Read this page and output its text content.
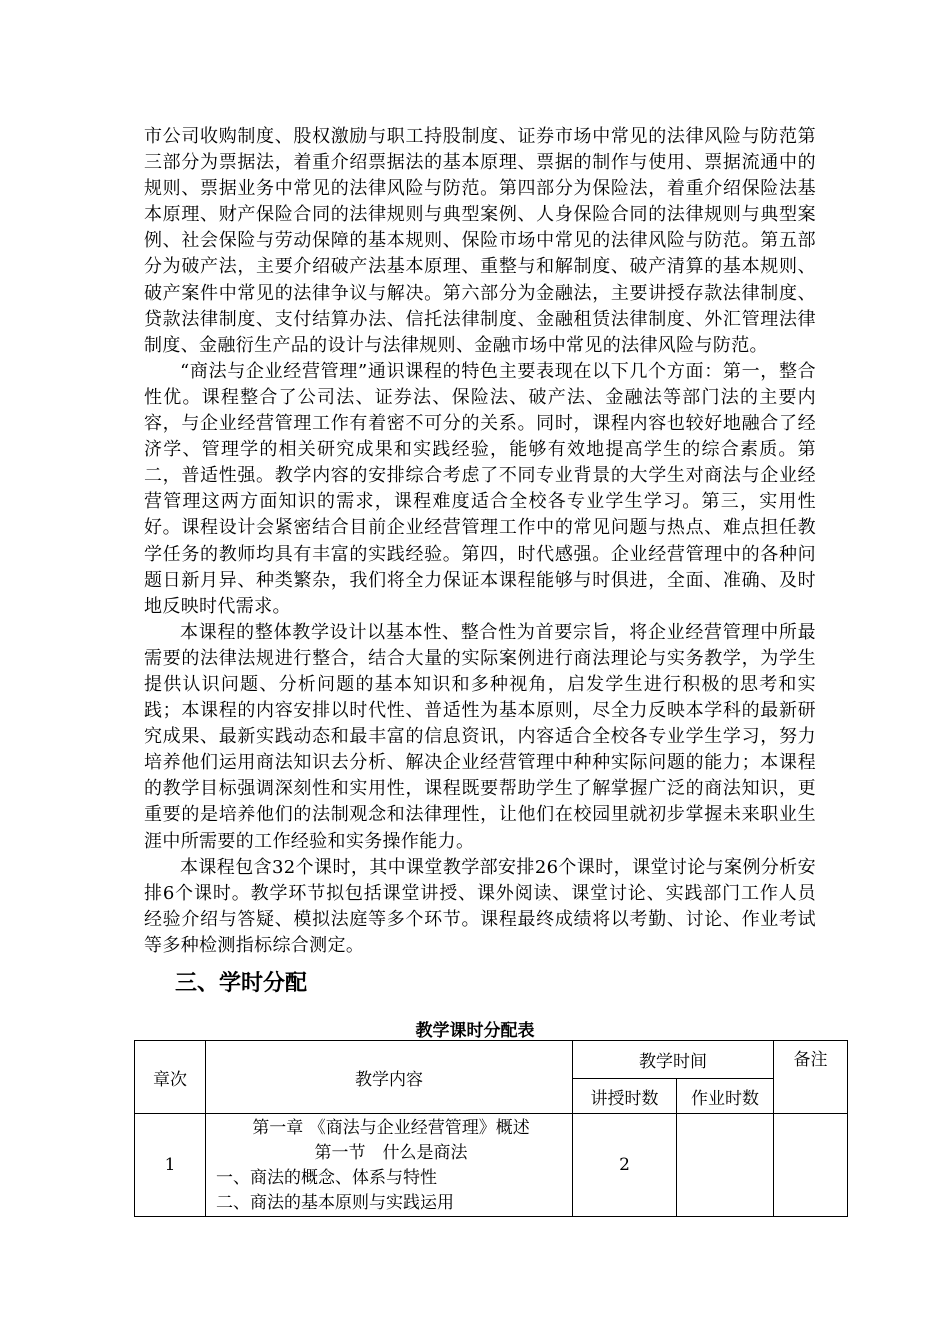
市公司收购制度、股权激励与职工持股制度、证券市场中常见的法律风险与防范第三部分为票据法，着重介绍票据法的基本原理、票据的制作与使用、票据流通中的规则、票据业务中常见的法律风险与防范。第四部分为保险法，着重介绍保险法基本原理、财产保险合同的法律规则与典型案例、人身保险合同的法律规则与典型案例、社会保险与劳动保障的基本规则、保险市场中常见的法律风险与防范。第五部分为破产法，主要介绍破产法基本原理、重整与和解制度、破产清算的基本规则、破产案件中常见的法律争议与解决。第六部分为金融法，主要讲授存款法律制度、贷款法律制度、支付结算办法、信托法律制度、金融租赁法律制度、外汇管理法律制度、金融衍生产品的设计与法律规则、金融市场中常见的法律风险与防范。

“商法与企业经营管理”通识课程的特色主要表现在以下几个方面：第一，整合性优。课程整合了公司法、证券法、保险法、破产法、金融法等部门法的主要内容，与企业经营管理工作有着密不可分的关系。同时，课程内容也较好地融合了经济学、管理学的相关研究成果和实践经验，能够有效地提高学生的综合素质。第二，普适性强。教学内容的安排综合考虑了不同专业背景的大学生对商法与企业经营管理这两方面知识的需求，课程难度适合全校各专业学生学习。第三，实用性好。课程设计会紧密结合目前企业经营管理工作中的常见问题与热点、难点担任教学任务的教师均具有丰富的实践经验。第四，时代感强。企业经营管理中的各种问题日新月异、种类繁杂，我们将全力保证本课程能够与时俱进，全面、准确、及时地反映时代需求。

本课程的整体教学设计以基本性、整合性为首要宗旨，将企业经营管理中所最需要的法律法规进行整合，结合大量的实际案例进行商法理论与实务教学，为学生提供认识问题、分析问题的基本知识和多种视角，启发学生进行积极的思考和实践；本课程的内容安排以时代性、普适性为基本原则，尽全力反映本学科的最新研究成果、最新实践动态和最丰富的信息资讯，内容适合全校各专业学生学习，努力培养他们运用商法知识去分析、解决企业经营管理中种种实际问题的能力；本课程的教学目标强调深刻性和实用性，课程既要帮助学生了解掌握广泛的商法知识，更重要的是培养他们的法制观念和法律理性，让他们在校园里就初步掌握未来职业生涯中所需要的工作经验和实务操作能力。

本课程包含32个课时，其中课堂教学部安排26个课时，课堂讨论与案例分析安排6个课时。教学环节拟包括课堂讲授、课外阅读、课堂讨论、实践部门工作人员经验介绍与答疑、模拟法庭等多个环节。课程最终成绩将以考勤、讨论、作业考试等多种检测指标综合测定。

三、学时分配
教学课时分配表
章次	教学内容	教学时间		备注
		讲授时数	作业时数	
1	第一章 《商法与企业经营管理》概述
第一节　什么是商法
一、商法的概念、体系与特性
二、商法的基本原则与实践运用	2		
